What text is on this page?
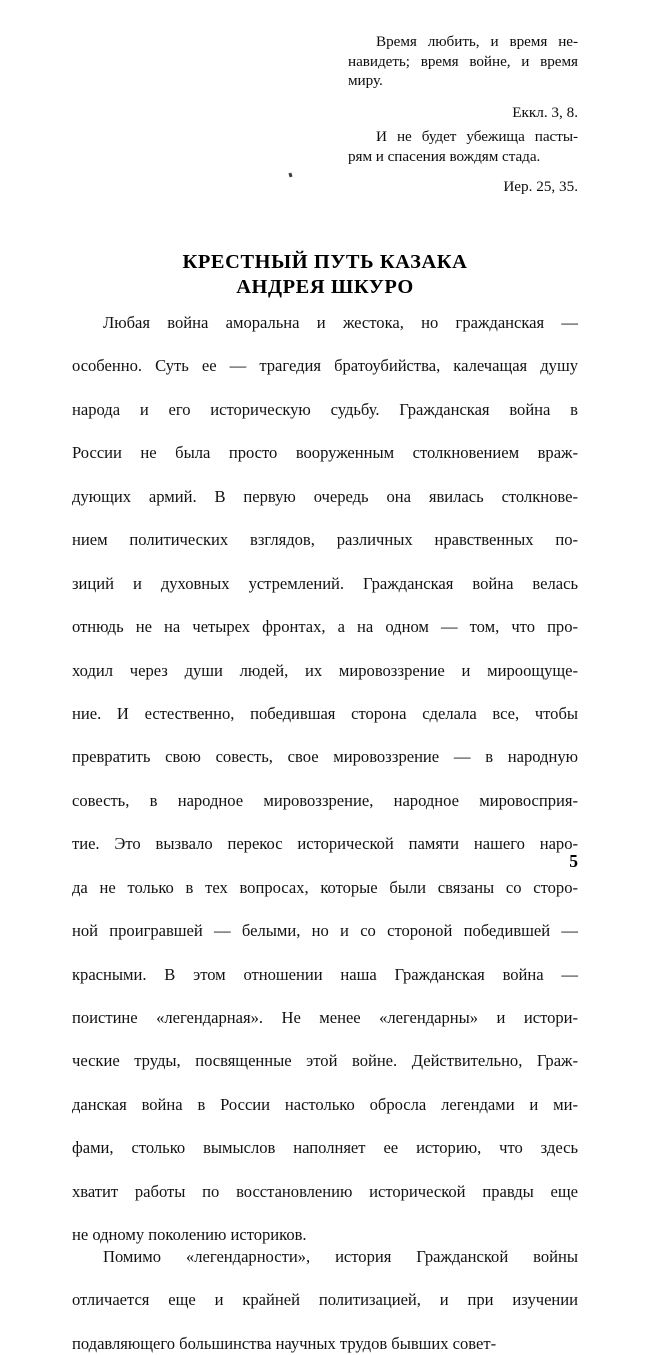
Время любить, и время не- навидеть; время войне, и время миру.
Еккл. 3, 8.
И не будет убежища пасты- рям и спасения вождям стада.
Иер. 25, 35.
КРЕСТНЫЙ ПУТЬ КАЗАКА
АНДРЕЯ ШКУРО

Любая война аморальна и жестока, но гражданская —
особенно. Суть ее — трагедия братоубийства, калечащая душу
народа и его историческую судьбу. Гражданская война в
России не была просто вооруженным столкновением враж-
дующих армий. В первую очередь она явилась столкнове-
нием политических взглядов, различных нравственных по-
зиций и духовных устремлений. Гражданская война велась
отнюдь не на четырех фронтах, а на одном — том, что про-
ходил через души людей, их мировоззрение и мироощуще-
ние. И естественно, победившая сторона сделала все, чтобы
превратить свою совесть, свое мировоззрение — в народную
совесть, в народное мировоззрение, народное мировосприя-
тие. Это вызвало перекос исторической памяти нашего наро-
да не только в тех вопросах, которые были связаны со сторо-
ной проигравшей — белыми, но и со стороной победившей —
красными. В этом отношении наша Гражданская война —
поистине «легендарная». Не менее «легендарны» и истори-
ческие труды, посвященные этой войне. Действительно, Граж-
данская война в России настолько обросла легендами и ми-
фами, столько вымыслов наполняет ее историю, что здесь
хватит работы по восстановлению исторической правды еще
не одному поколению историков.

Помимо «легендарности», история Гражданской войны
отличается еще и крайней политизацией, и при изучении
подавляющего большинства научных трудов бывших совет-

5
